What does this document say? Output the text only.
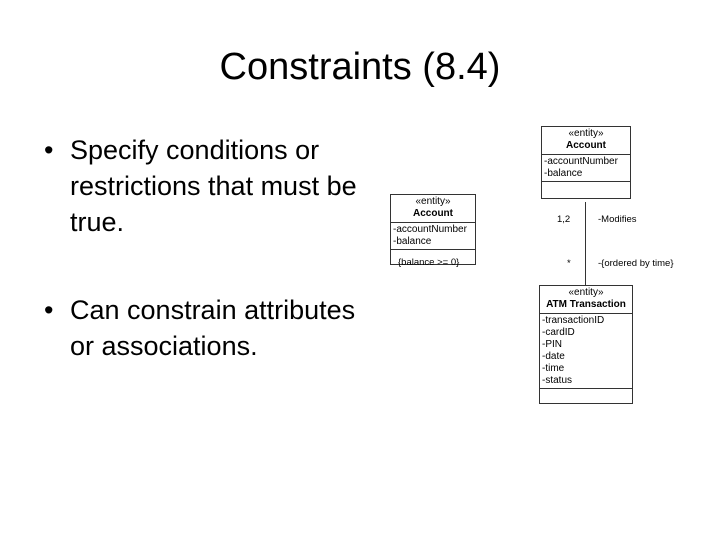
Constraints (8.4)
• Specify conditions or restrictions that must be true.
• Can constrain attributes or associations.
«entity»
Account
-accountNumber
-balance
{balance >= 0}
«entity»
Account
-accountNumber
-balance
1,2	-Modifies
*	-{ordered by time}
«entity»
ATM Transaction
-transactionID
-cardID
-PIN
-date
-time
-status
